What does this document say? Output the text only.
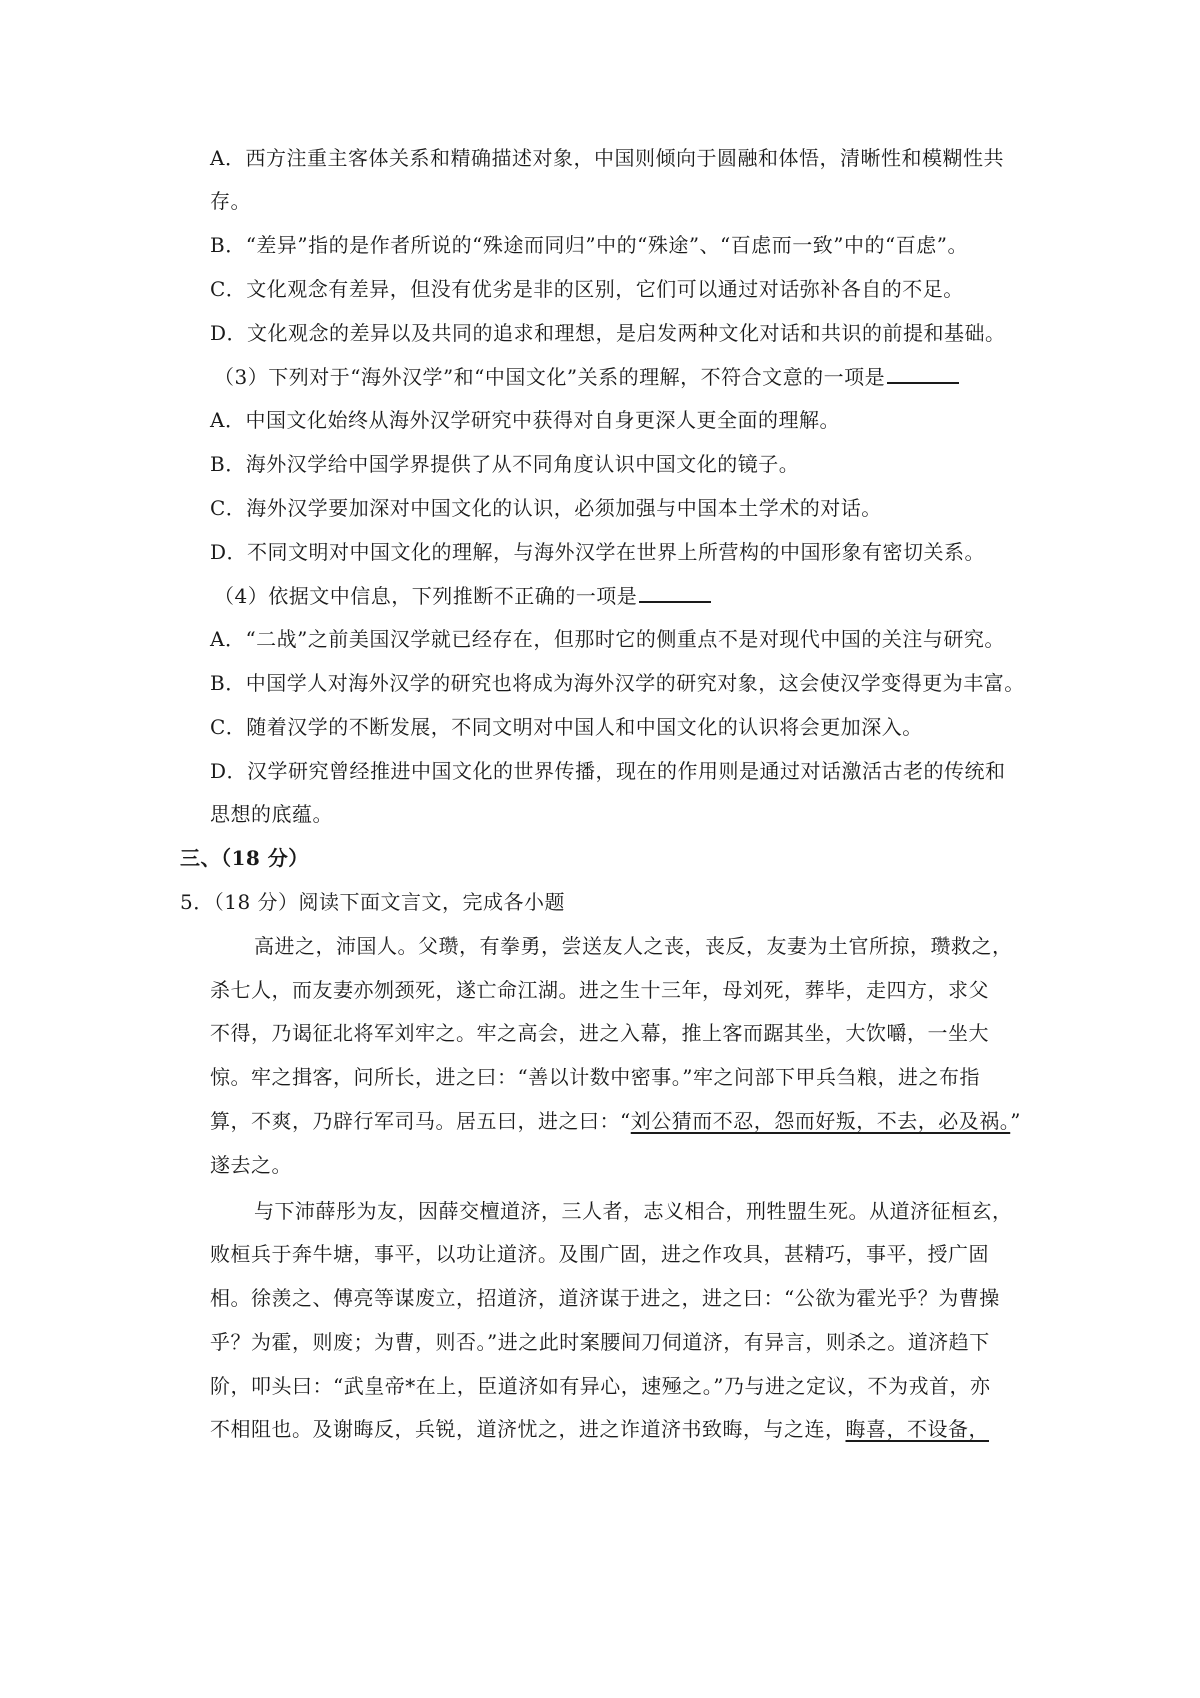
A．西方注重主客体关系和精确描述对象，中国则倾向于圆融和体悟，清晰性和模糊性共
存。
B．“差异”指的是作者所说的“殊途而同归”中的“殊途”、“百虑而一致”中的“百虑”。
C．文化观念有差异，但没有优劣是非的区别，它们可以通过对话弥补各自的不足。
D．文化观念的差异以及共同的追求和理想，是启发两种文化对话和共识的前提和基础。
（3）下列对于“海外汉学”和“中国文化”关系的理解，不符合文意的一项是
A．中国文化始终从海外汉学研究中获得对自身更深人更全面的理解。
B．海外汉学给中国学界提供了从不同角度认识中国文化的镜子。
C．海外汉学要加深对中国文化的认识，必须加强与中国本土学术的对话。
D．不同文明对中国文化的理解，与海外汉学在世界上所营构的中国形象有密切关系。
（4）依据文中信息，下列推断不正确的一项是
A．“二战”之前美国汉学就已经存在，但那时它的侧重点不是对现代中国的关注与研究。
B．中国学人对海外汉学的研究也将成为海外汉学的研究对象，这会使汉学变得更为丰富。
C．随着汉学的不断发展，不同文明对中国人和中国文化的认识将会更加深入。
D．汉学研究曾经推进中国文化的世界传播，现在的作用则是通过对话激活古老的传统和
思想的底蕴。
三、（18 分）
5．（18 分）阅读下面文言文，完成各小题
高进之，沛国人。父瓒，有拳勇，尝送友人之丧，丧反，友妻为土官所掠，瓒救之，
杀七人，而友妻亦刎颈死，遂亡命江湖。进之生十三年，母刘死，葬毕，走四方，求父
不得，乃谒征北将军刘牢之。牢之高会，进之入幕，推上客而踞其坐，大饮嚼，一坐大
惊。牢之揖客，问所长，进之曰：“善以计数中密事。”牢之问部下甲兵刍粮，进之布指
算，不爽，乃辟行军司马。居五曰，进之曰：“刘公猜而不忍，怨而好叛，不去，必及祸。”
遂去之。
与下沛薛彤为友，因薛交檀道济，三人者，志义相合，刑牲盟生死。从道济征桓玄，
败桓兵于奔牛塘，事平，以功让道济。及围广固，进之作攻具，甚精巧，事平，授广固
相。徐羡之、傅亮等谋废立，招道济，道济谋于进之，进之曰：“公欲为霍光乎？为曹操
乎？为霍，则废；为曹，则否。”进之此时案腰间刀伺道济，有异言，则杀之。道济趋下
阶，叩头曰：“武皇帝*在上，臣道济如有异心，速殛之。”乃与进之定议，不为戎首，亦
不相阻也。及谢晦反，兵锐，道济忧之，进之诈道济书致晦，与之连，晦喜，不设备，
